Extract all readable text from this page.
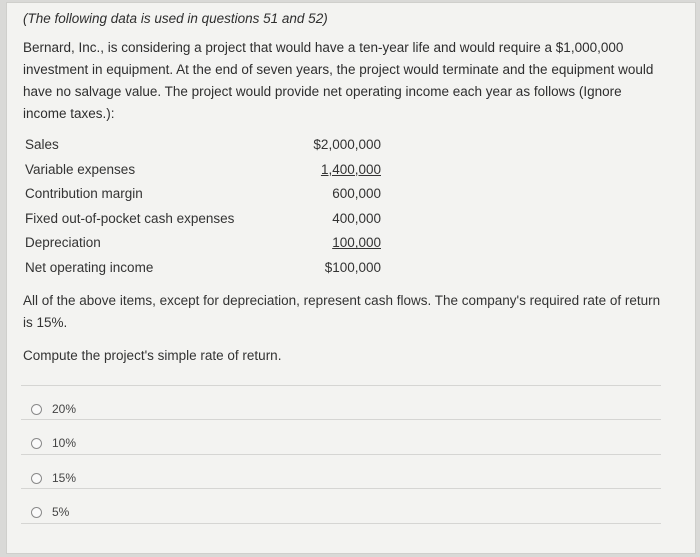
(The following data is used in questions 51 and 52)
Bernard, Inc., is considering a project that would have a ten-year life and would require a $1,000,000 investment in equipment. At the end of seven years, the project would terminate and the equipment would have no salvage value. The project would provide net operating income each year as follows (Ignore income taxes.):
Sales	$2,000,000
Variable expenses	1,400,000
Contribution margin	600,000
Fixed out-of-pocket cash expenses	400,000
Depreciation	100,000
Net operating income	$100,000
All of the above items, except for depreciation, represent cash flows. The company's required rate of return is 15%.
Compute the project's simple rate of return.
20%
10%
15%
5%
